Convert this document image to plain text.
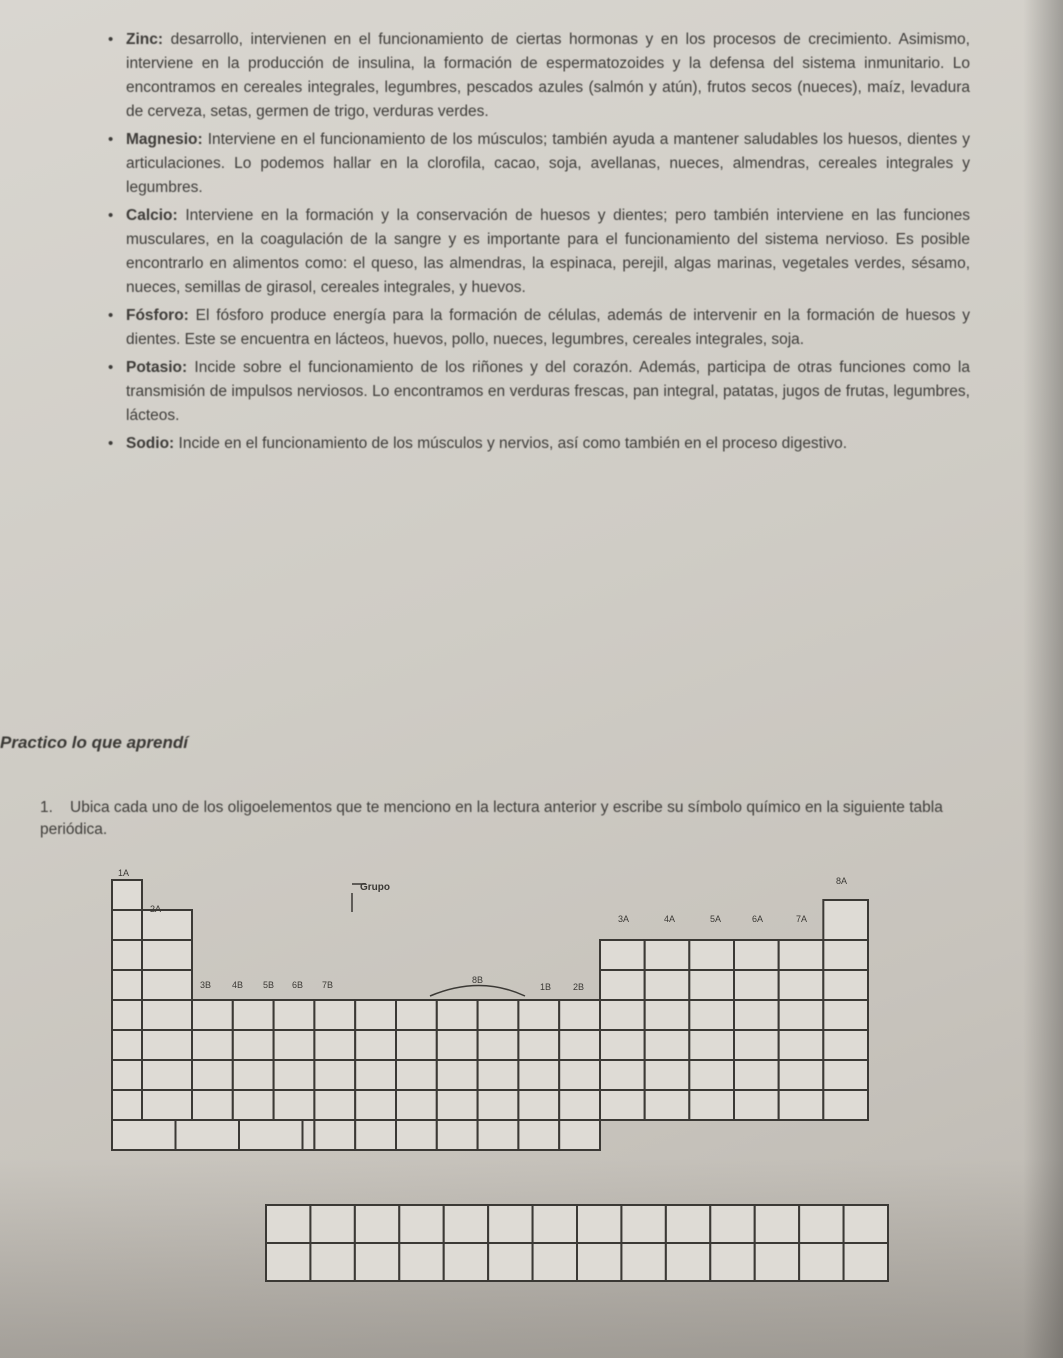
• Zinc: desarrollo, intervienen en el funcionamiento de ciertas hormonas y en los procesos de crecimiento. Asimismo, interviene en la producción de insulina, la formación de espermatozoides y la defensa del sistema inmunitario. Lo encontramos en cereales integrales, legumbres, pescados azules (salmón y atún), frutos secos (nueces), maíz, levadura de cerveza, setas, germen de trigo, verduras verdes.
• Magnesio: Interviene en el funcionamiento de los músculos; también ayuda a mantener saludables los huesos, dientes y articulaciones. Lo podemos hallar en la clorofila, cacao, soja, avellanas, nueces, almendras, cereales integrales y legumbres.
• Calcio: Interviene en la formación y la conservación de huesos y dientes; pero también interviene en las funciones musculares, en la coagulación de la sangre y es importante para el funcionamiento del sistema nervioso. Es posible encontrarlo en alimentos como: el queso, las almendras, la espinaca, perejil, algas marinas, vegetales verdes, sésamo, nueces, semillas de girasol, cereales integrales, y huevos.
• Fósforo: El fósforo produce energía para la formación de células, además de intervenir en la formación de huesos y dientes. Este se encuentra en lácteos, huevos, pollo, nueces, legumbres, cereales integrales, soja.
• Potasio: Incide sobre el funcionamiento de los riñones y del corazón. Además, participa de otras funciones como la transmisión de impulsos nerviosos. Lo encontramos en verduras frescas, pan integral, patatas, jugos de frutas, legumbres, lácteos.
• Sodio: Incide en el funcionamiento de los músculos y nervios, así como también en el proceso digestivo.
Practico lo que aprendí
1. Ubica cada uno de los oligoelementos que te menciono en la lectura anterior y escribe su símbolo químico en la siguiente tabla periódica.
Grupo
1A
2A
3B 4B 5B 6B 7B	8B
1B 2B
3A	4A	5A	6A	7A
8A
